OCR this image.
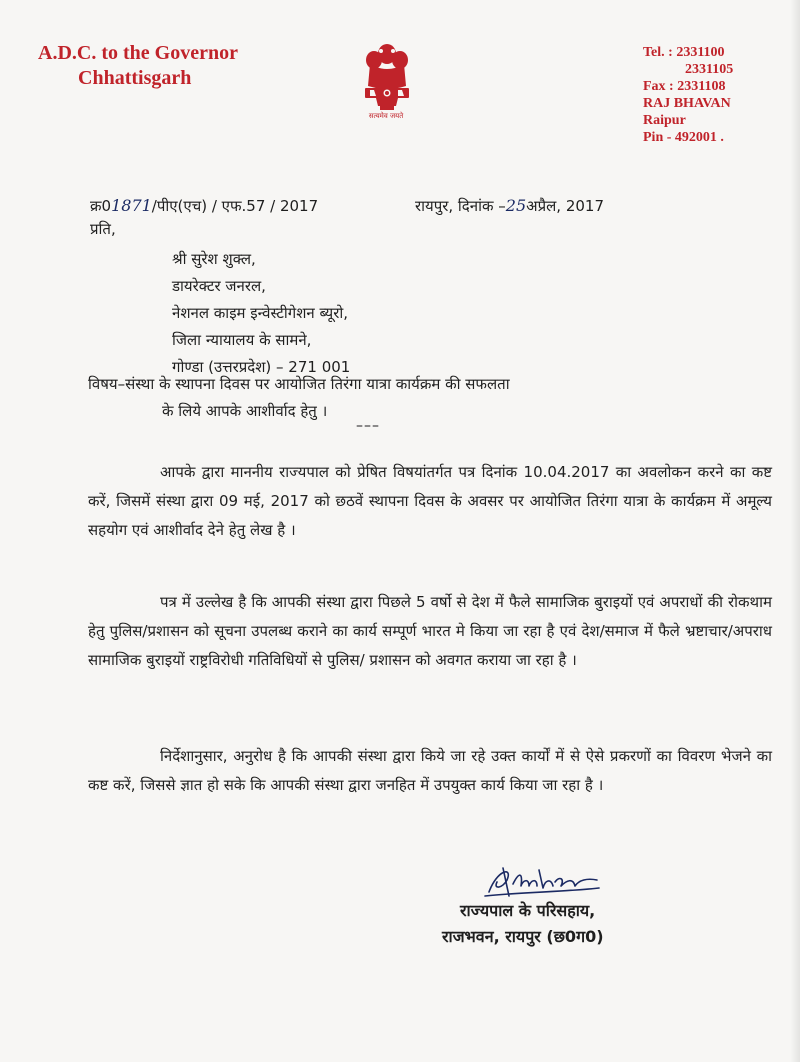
A.D.C. to the Governor
Chhattisgarh
सत्यमेव जयते
Tel. : 2331100
2331105
Fax : 2331108
RAJ BHAVAN
Raipur
Pin - 492001 .
क्र01871/पीए(एच) / एफ.57 / 2017	रायपुर, दिनांक –25अप्रैल, 2017
प्रति,
श्री सुरेश शुक्ल,
डायरेक्टर जनरल,
नेशनल काइम इन्वेस्टीगेशन ब्यूरो,
जिला न्यायालय के सामने,
गोण्डा (उत्तरप्रदेश) – 271 001
विषय–संस्था के स्थापना दिवस पर आयोजित तिरंगा यात्रा कार्यक्रम की सफलता
के लिये आपके आशीर्वाद हेतु ।
–––
आपके द्वारा माननीय राज्यपाल को प्रेषित विषयांतर्गत पत्र दिनांक 10.04.2017 का अवलोकन करने का कष्ट करें, जिसमें संस्था द्वारा 09 मई, 2017 को छठवें स्थापना दिवस के अवसर पर आयोजित तिरंगा यात्रा के कार्यक्रम में अमूल्य सहयोग एवं आशीर्वाद देने हेतु लेख है ।
पत्र में उल्लेख है कि आपकी संस्था द्वारा पिछले 5 वर्षो से देश में फैले सामाजिक बुराइयों एवं अपराधों की रोकथाम हेतु पुलिस/प्रशासन को सूचना उपलब्ध कराने का कार्य सम्पूर्ण भारत मे किया जा रहा है एवं देश/समाज में फैले भ्रष्टाचार/अपराध सामाजिक बुराइयों राष्ट्रविरोधी गतिविधियों से पुलिस/ प्रशासन को अवगत कराया जा रहा है ।
निर्देशानुसार, अनुरोध है कि आपकी संस्था द्वारा किये जा रहे उक्त कार्यों में से ऐसे प्रकरणों का विवरण भेजने का कष्ट करें, जिससे ज्ञात हो सके कि आपकी संस्था द्वारा जनहित में उपयुक्त कार्य किया जा रहा है ।
राज्यपाल के परिसहाय,
राजभवन, रायपुर (छ0ग0)
